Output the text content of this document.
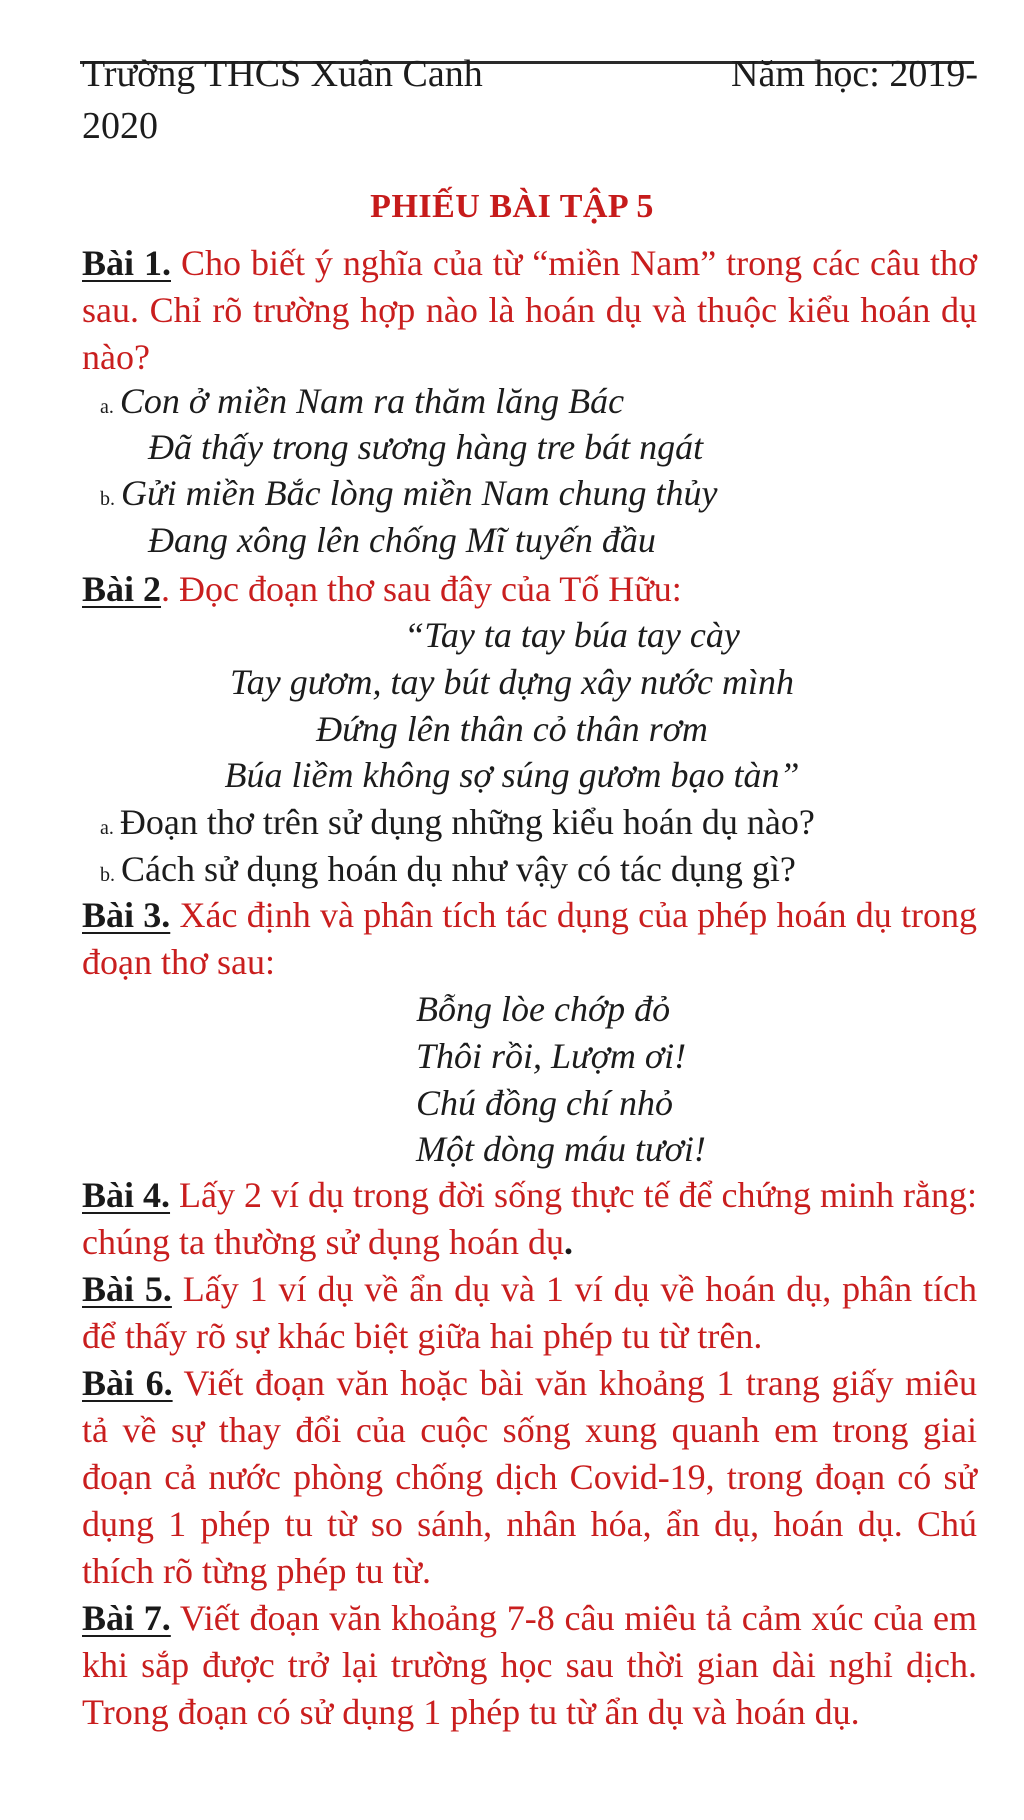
Trường THCS Xuân Canh	Năm học: 2019-
2020
PHIẾU BÀI TẬP 5
Bài 1. Cho biết ý nghĩa của từ “miền Nam” trong các câu thơ sau. Chỉ rõ trường hợp nào là hoán dụ và thuộc kiểu hoán dụ nào?
a. Con ở miền Nam ra thăm lăng Bác
Đã thấy trong sương hàng tre bát ngát
b. Gửi miền Bắc lòng miền Nam chung thủy
Đang xông lên chống Mĩ tuyến đầu
Bài 2. Đọc đoạn thơ sau đây của Tố Hữu:
“Tay ta tay búa tay cày
Tay gươm, tay bút dựng xây nước mình
Đứng lên thân cỏ thân rơm
Búa liềm không sợ súng gươm bạo tàn”
a. Đoạn thơ trên sử dụng những kiểu hoán dụ nào?
b. Cách sử dụng hoán dụ như vậy có tác dụng gì?
Bài 3. Xác định và phân tích tác dụng của phép hoán dụ trong đoạn thơ sau:
Bỗng lòe chớp đỏ
Thôi rồi, Lượm ơi!
Chú đồng chí nhỏ
Một dòng máu tươi!
Bài 4. Lấy 2 ví dụ trong đời sống thực tế để chứng minh rằng: chúng ta thường sử dụng hoán dụ.
Bài 5. Lấy 1 ví dụ về ẩn dụ và 1 ví dụ về hoán dụ, phân tích để thấy rõ sự khác biệt giữa hai phép tu từ trên.
Bài 6. Viết đoạn văn hoặc bài văn khoảng 1 trang giấy miêu tả về sự thay đổi của cuộc sống xung quanh em trong giai đoạn cả nước phòng chống dịch Covid-19, trong đoạn có sử dụng 1 phép tu từ so sánh, nhân hóa, ẩn dụ, hoán dụ. Chú thích rõ từng phép tu từ.
Bài 7. Viết đoạn văn khoảng 7-8 câu miêu tả cảm xúc của em khi sắp được trở lại trường học sau thời gian dài nghỉ dịch. Trong đoạn có sử dụng 1 phép tu từ ẩn dụ và hoán dụ.
